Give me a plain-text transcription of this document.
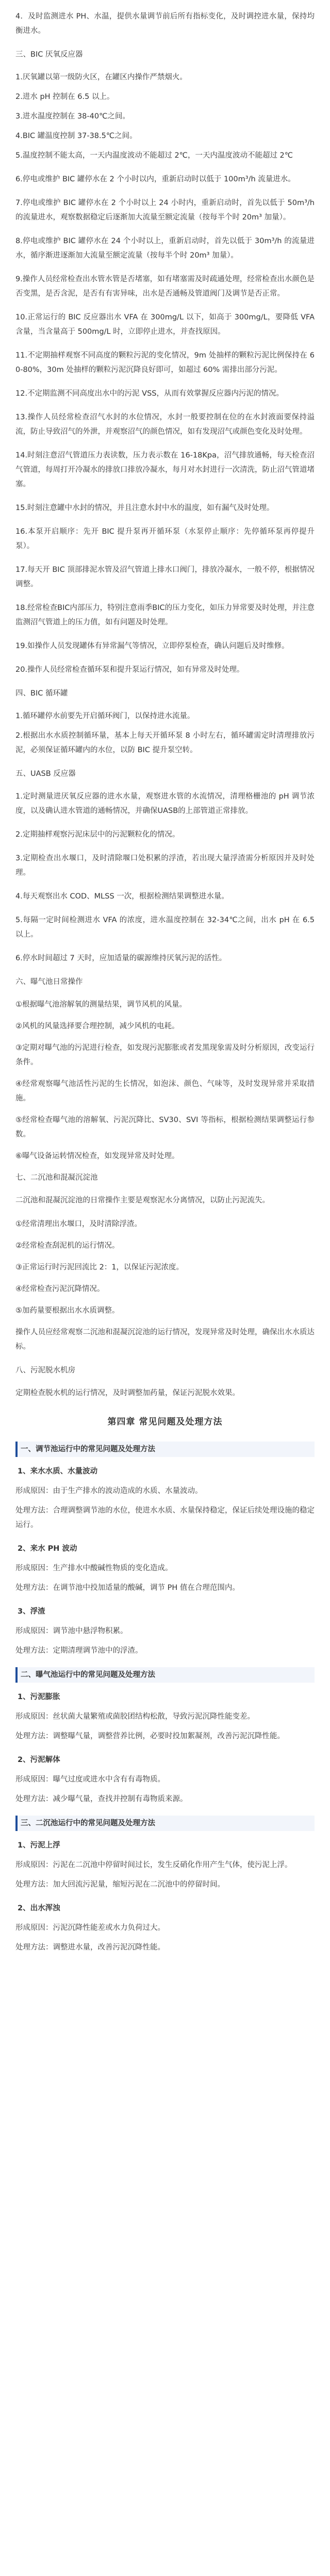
4．及时监测进水 PH、水温，提供水量调节前后所有指标变化，及时调控进水量，保持均衡进水。

三、BIC 厌氧反应器

1.厌氧罐以第一级防火区，在罐区内操作严禁烟火。

2.进水 pH 控制在 6.5 以上。

3.进水温度控制在 38-40℃之间。

4.BIC 罐温度控制 37-38.5℃之间。

5.温度控制不能太高，一天内温度波动不能超过 2℃，一天内温度波动不能超过 2℃

6.停电或维护 BIC 罐停水在 2 个小时以内，重新启动时以低于 100m³/h 流量进水。

7.停电或维护 BIC 罐停水在 2 个小时以上 24 小时内，重新启动时，首先以低于 50m³/h 的流量进水，观察数据稳定后逐渐加大流量至额定流量（按每半个时 20m³ 加量）。

8.停电或维护 BIC 罐停水在 24 个小时以上，重新启动时，首先以低于 30m³/h 的流量进水，循序渐进逐渐加大流量至额定流量（按每半个时 20m³ 加量）。

9.操作人员经常检查出水管水管是否堵塞，如有堵塞需及时疏通处理，经常检查出水颜色是否变黑，是否含泥，是否有有害异味，出水是否通畅及管道阀门及调节是否正常。

10.正常运行的 BIC 反应器出水 VFA 在 300mg/L 以下，如高于 300mg/L，要降低 VFA 含量，当含量高于 500mg/L 时，立即停止进水，并查找原因。

11.不定期抽样观察不同高度的颗粒污泥的变化情况，9m 处抽样的颗粒污泥比例保持在 60-80%，30m 处抽样的颗粒污泥沉降良好即可，如超过 60% 需排出部分污泥。

12.不定期监测不同高度出水中的污泥 VSS，从而有效掌握反应器内污泥的情况。

13.操作人员经常检查沼气水封的水位情况，水封一般要控制在位的在水封液面要保持溢流，防止导致沼气的外泄，并观察沼气的颜色情况，如有发现沼气或颜色变化及时处理。

14.时刻注意沼气管道压力表读数，压力表示数在 16-18Kpa，沼气排放通畅，每天检查沼气管道，每周打开冷凝水的排放口排放冷凝水，每月对水封进行一次清洗，防止沼气管道堵塞。

15.时刻注意罐中水封的情况，并且注意水封中水的温度，如有漏气及时处理。

16.本泵开启顺序：先开 BIC 提升泵再开循环泵（水泵停止顺序：先停循环泵再停提升泵）。

17.每天开 BIC 顶部排泥水管及沼气管道上排水口阀门，排放冷凝水，一般不停，根据情况调整。

18.经常检查BIC内部压力，特别注意雨季BIC的压力变化，如压力异常要及时处理，并注意监测沼气管道上的压力值，如有问题及时处理。

19.如操作人员发现罐体有异常漏气等情况，立即停泵检查，确认问题后及时维修。

20.操作人员经常检查循环泵和提升泵运行情况，如有异常及时处理。

四、BIC 循环罐

1.循环罐停水前要先开启循环阀门，以保持进水流量。

2.根据出水水质控制循环量，基本上每天开循环泵 8 小时左右，循环罐需定时清理排放污泥，必须保证循环罐内的水位，以防 BIC 提升泵空转。

五、UASB 反应器

1.定时测量进厌氧反应器的进水水量，观察进水管的水流情况，清理格栅池的 pH 调节浓度，以及确认进水管道的通畅情况，并确保UASB的上部管道正常排放。

2.定期抽样观察污泥床层中的污泥颗粒化的情况。

3.定期检查出水堰口，及时清除堰口处积累的浮渣，若出现大量浮渣需分析原因并及时处理。

4.每天观察出水 COD、MLSS 一次，根据检测结果调整进水量。

5.每隔一定时间检测进水 VFA 的浓度，进水温度控制在 32-34℃之间，出水 pH 在 6.5 以上。

6.停水时间超过 7 天时，应加适量的碳源维持厌氧污泥的活性。

六、曝气池日常操作

①根据曝气池溶解氧的测量结果，调节风机的风量。

②风机的风量选择要合理控制，减少风机的电耗。

③定期对曝气池的污泥进行检查，如发现污泥膨胀或者发黑现象需及时分析原因，改变运行条件。

④经常观察曝气池活性污泥的生长情况，如泡沫、颜色、气味等，及时发现异常并采取措施。

⑤经常检查曝气池的溶解氧、污泥沉降比、SV30、SVI 等指标，根据检测结果调整运行参数。

⑥曝气设备运转情况检查，如发现异常及时处理。

七、二沉池和混凝沉淀池

二沉池和混凝沉淀池的日常操作主要是观察泥水分离情况，以防止污泥流失。

①经常清理出水堰口，及时清除浮渣。

②经常检查刮泥机的运行情况。

③正常运行时污泥回流比 2：1，以保证污泥浓度。

④经常检查污泥沉降情况。

⑤加药量要根据出水水质调整。

操作人员应经常观察二沉池和混凝沉淀池的运行情况，发现异常及时处理，确保出水水质达标。

八、污泥脱水机房

定期检查脱水机的运行情况，及时调整加药量，保证污泥脱水效果。

第四章 常见问题及处理方法
一、调节池运行中的常见问题及处理方法
1、来水水质、水量波动

形成原因：由于生产排水的波动造成的水质、水量波动。

处理方法：合理调整调节池的水位，使进水水质、水量保持稳定，保证后续处理设施的稳定运行。

2、来水 PH 波动

形成原因：生产排水中酸碱性物质的变化造成。

处理方法：在调节池中投加适量的酸碱，调节 PH 值在合理范围内。

3、浮渣

形成原因：调节池中悬浮物积累。

处理方法：定期清理调节池中的浮渣。

二、曝气池运行中的常见问题及处理方法
1、污泥膨胀

形成原因：丝状菌大量繁殖或菌胶团结构松散，导致污泥沉降性能变差。

处理方法：调整曝气量，调整营养比例，必要时投加絮凝剂，改善污泥沉降性能。

2、污泥解体

形成原因：曝气过度或进水中含有有毒物质。

处理方法：减少曝气量，查找并控制有毒物质来源。

三、二沉池运行中的常见问题及处理方法
1、污泥上浮

形成原因：污泥在二沉池中停留时间过长，发生反硝化作用产生气体，使污泥上浮。

处理方法：加大回流污泥量，缩短污泥在二沉池中的停留时间。

2、出水浑浊

形成原因：污泥沉降性能差或水力负荷过大。

处理方法：调整进水量，改善污泥沉降性能。
